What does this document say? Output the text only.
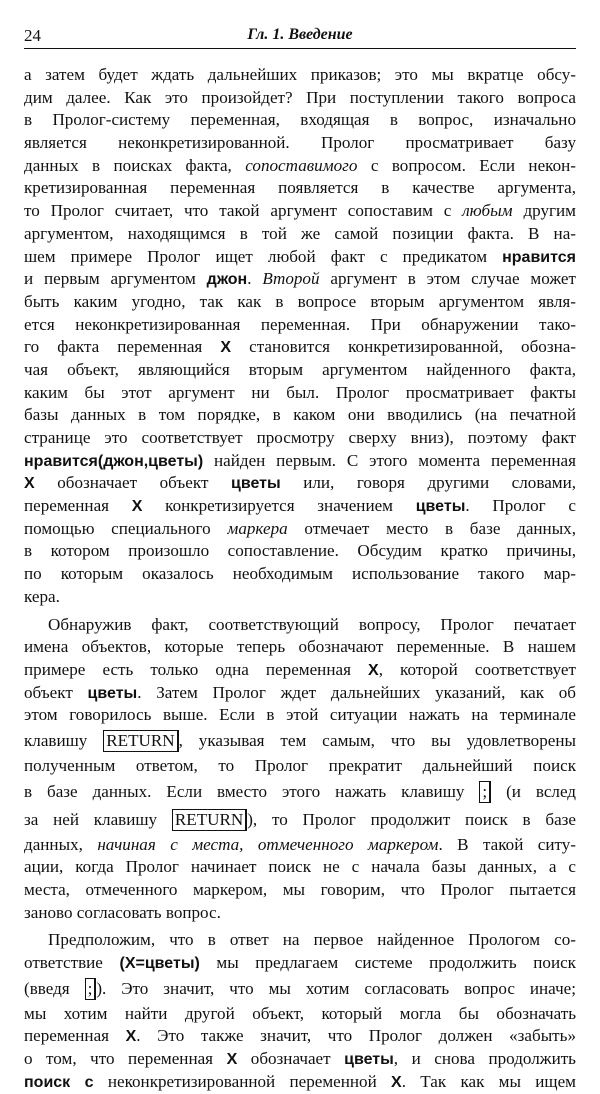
24	Гл. 1. Введение
а затем будет ждать дальнейших приказов; это мы вкратце обсу-
дим далее. Как это произойдет? При поступлении такого вопроса
в Пролог-систему переменная, входящая в вопрос, изначально
является неконкретизированной. Пролог просматривает базу
данных в поисках факта, сопоставимого с вопросом. Если некон-
кретизированная переменная появляется в качестве аргумента,
то Пролог считает, что такой аргумент сопоставим с любым другим
аргументом, находящимся в той же самой позиции факта. В на-
шем примере Пролог ищет любой факт с предикатом нравится
и первым аргументом джон. Второй аргумент в этом случае может
быть каким угодно, так как в вопросе вторым аргументом явля-
ется неконкретизированная переменная. При обнаружении тако-
го факта переменная X становится конкретизированной, обозна-
чая объект, являющийся вторым аргументом найденного факта,
каким бы этот аргумент ни был. Пролог просматривает факты
базы данных в том порядке, в каком они вводились (на печатной
странице это соответствует просмотру сверху вниз), поэтому факт
нравится(джон,цветы) найден первым. С этого момента переменная
X обозначает объект цветы или, говоря другими словами,
переменная X конкретизируется значением цветы. Пролог с
помощью специального маркера отмечает место в базе данных,
в котором произошло сопоставление. Обсудим кратко причины,
по которым оказалось необходимым использование такого мар-
кера.
Обнаружив факт, соответствующий вопросу, Пролог печатает
имена объектов, которые теперь обозначают переменные. В нашем
примере есть только одна переменная X, которой соответствует
объект цветы. Затем Пролог ждет дальнейших указаний, как об
этом говорилось выше. Если в этой ситуации нажать на терминале
клавишу RETURN , указывая тем самым, что вы удовлетворены
полученным ответом, то Пролог прекратит дальнейший поиск
в базе данных. Если вместо этого нажать клавишу ; (и вслед
за ней клавишу RETURN ), то Пролог продолжит поиск в базе
данных, начиная с места, отмеченного маркером. В такой ситу-
ации, когда Пролог начинает поиск не с начала базы данных, а с
места, отмеченного маркером, мы говорим, что Пролог пытается
заново согласовать вопрос.
Предположим, что в ответ на первое найденное Прологом со-
ответствие (X=цветы) мы предлагаем системе продолжить поиск
(введя ; ). Это значит, что мы хотим согласовать вопрос иначе;
мы хотим найти другой объект, который могла бы обозначать
переменная X. Это также значит, что Пролог должен «забыть»
о том, что переменная X обозначает цветы, и снова продолжить
поиск с неконкретизированной переменной X. Так как мы ищем
